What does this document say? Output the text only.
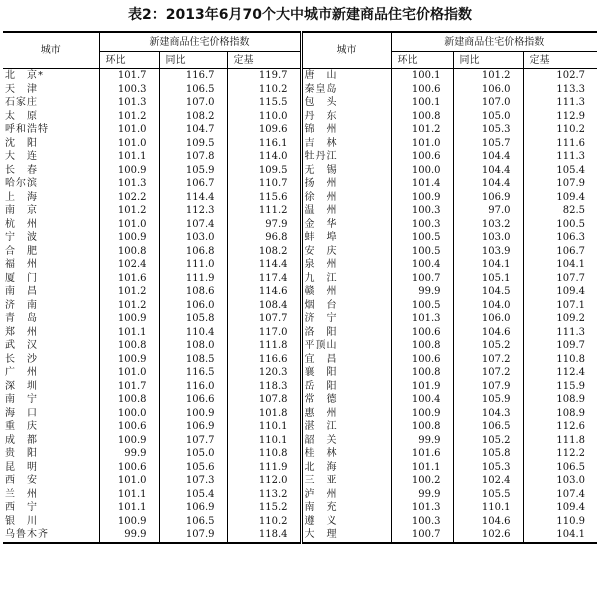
表2：2013年6月70个大中城市新建商品住宅价格指数
城市	新建商品住宅价格指数			城市	新建商品住宅价格指数		
	环比	同比	定基		环比	同比	定基
北　京*	101.7	116.7	119.7	唐　山	100.1	101.2	102.7
天　津	100.3	106.5	110.2	秦皇岛	100.6	106.0	113.3
石家庄	101.3	107.0	115.5	包　头	100.1	107.0	111.3
太　原	101.2	108.2	110.0	丹　东	100.8	105.0	112.9
呼和浩特	101.0	104.7	109.6	锦　州	101.2	105.3	110.2
沈　阳	101.0	109.5	116.1	吉　林	101.0	105.7	111.6
大　连	101.1	107.8	114.0	牡丹江	100.6	104.4	111.3
长　春	100.9	105.9	109.5	无　锡	100.0	104.4	105.4
哈尔滨	101.3	106.7	110.7	扬　州	101.4	104.4	107.9
上　海	102.2	114.4	115.6	徐　州	100.9	106.9	109.4
南　京	101.2	112.3	111.2	温　州	100.3	97.0	82.5
杭　州	101.0	107.4	97.9	金　华	100.3	103.2	100.5
宁　波	100.9	103.0	96.8	蚌　埠	100.5	103.0	106.3
合　肥	100.8	106.8	108.2	安　庆	100.5	103.9	106.7
福　州	102.4	111.0	114.4	泉　州	100.4	104.1	104.1
厦　门	101.6	111.9	117.4	九　江	100.7	105.1	107.7
南　昌	101.2	108.6	114.6	赣　州	99.9	104.5	109.4
济　南	101.2	106.0	108.4	烟　台	100.5	104.0	107.1
青　岛	100.9	105.8	107.7	济　宁	101.3	106.0	109.2
郑　州	101.1	110.4	117.0	洛　阳	100.6	104.6	111.3
武　汉	100.8	108.0	111.8	平顶山	100.8	105.2	109.7
长　沙	100.9	108.5	116.6	宜　昌	100.6	107.2	110.8
广　州	101.0	116.5	120.3	襄　阳	100.8	107.2	112.4
深　圳	101.7	116.0	118.3	岳　阳	101.9	107.9	115.9
南　宁	100.8	106.6	107.8	常　德	100.4	105.9	108.9
海　口	100.0	100.9	101.8	惠　州	100.9	104.3	108.9
重　庆	100.6	106.9	110.1	湛　江	100.8	106.5	112.6
成　都	100.9	107.7	110.1	韶　关	99.9	105.2	111.8
贵　阳	99.9	105.0	110.8	桂　林	101.6	105.8	112.2
昆　明	100.6	105.6	111.9	北　海	101.1	105.3	106.5
西　安	101.0	107.3	112.0	三　亚	100.2	102.4	103.0
兰　州	101.1	105.4	113.2	泸　州	99.9	105.5	107.4
西　宁	101.1	106.9	115.2	南　充	101.3	110.1	109.4
银　川	100.9	106.5	110.2	遵　义	100.3	104.6	110.9
乌鲁木齐	99.9	107.9	118.4	大　理	100.7	102.6	104.1
